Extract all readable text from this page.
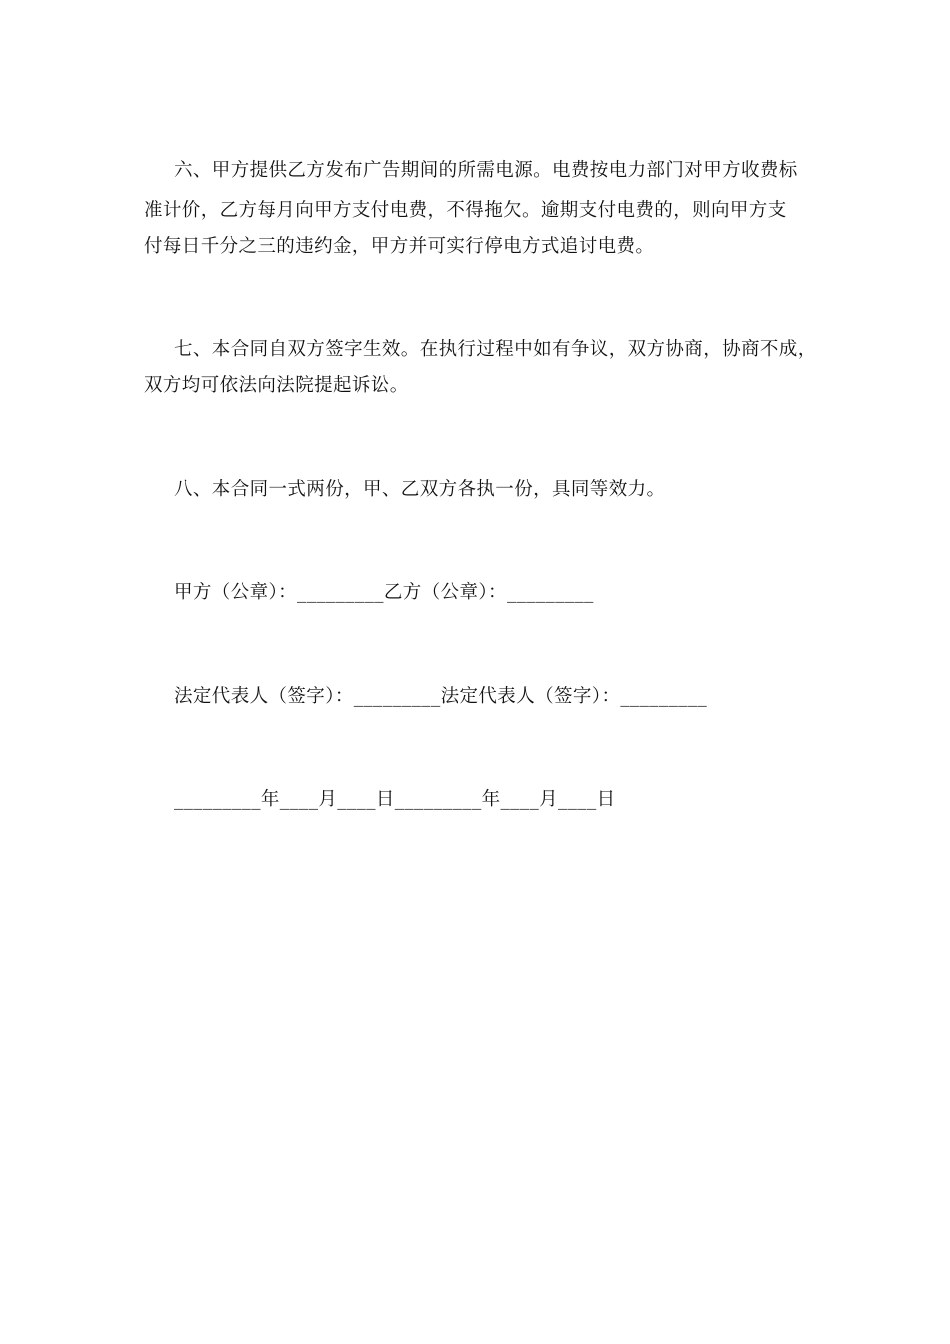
六、甲方提供乙方发布广告期间的所需电源。电费按电力部门对甲方收费标
准计价，乙方每月向甲方支付电费，不得拖欠。逾期支付电费的，则向甲方支
付每日千分之三的违约金，甲方并可实行停电方式追讨电费。
七、本合同自双方签字生效。在执行过程中如有争议，双方协商，协商不成，
双方均可依法向法院提起诉讼。
八、本合同一式两份，甲、乙双方各执一份，具同等效力。
甲方（公章）：_________乙方（公章）：_________
法定代表人（签字）：_________法定代表人（签字）：_________
_________年____月____日_________年____月____日
